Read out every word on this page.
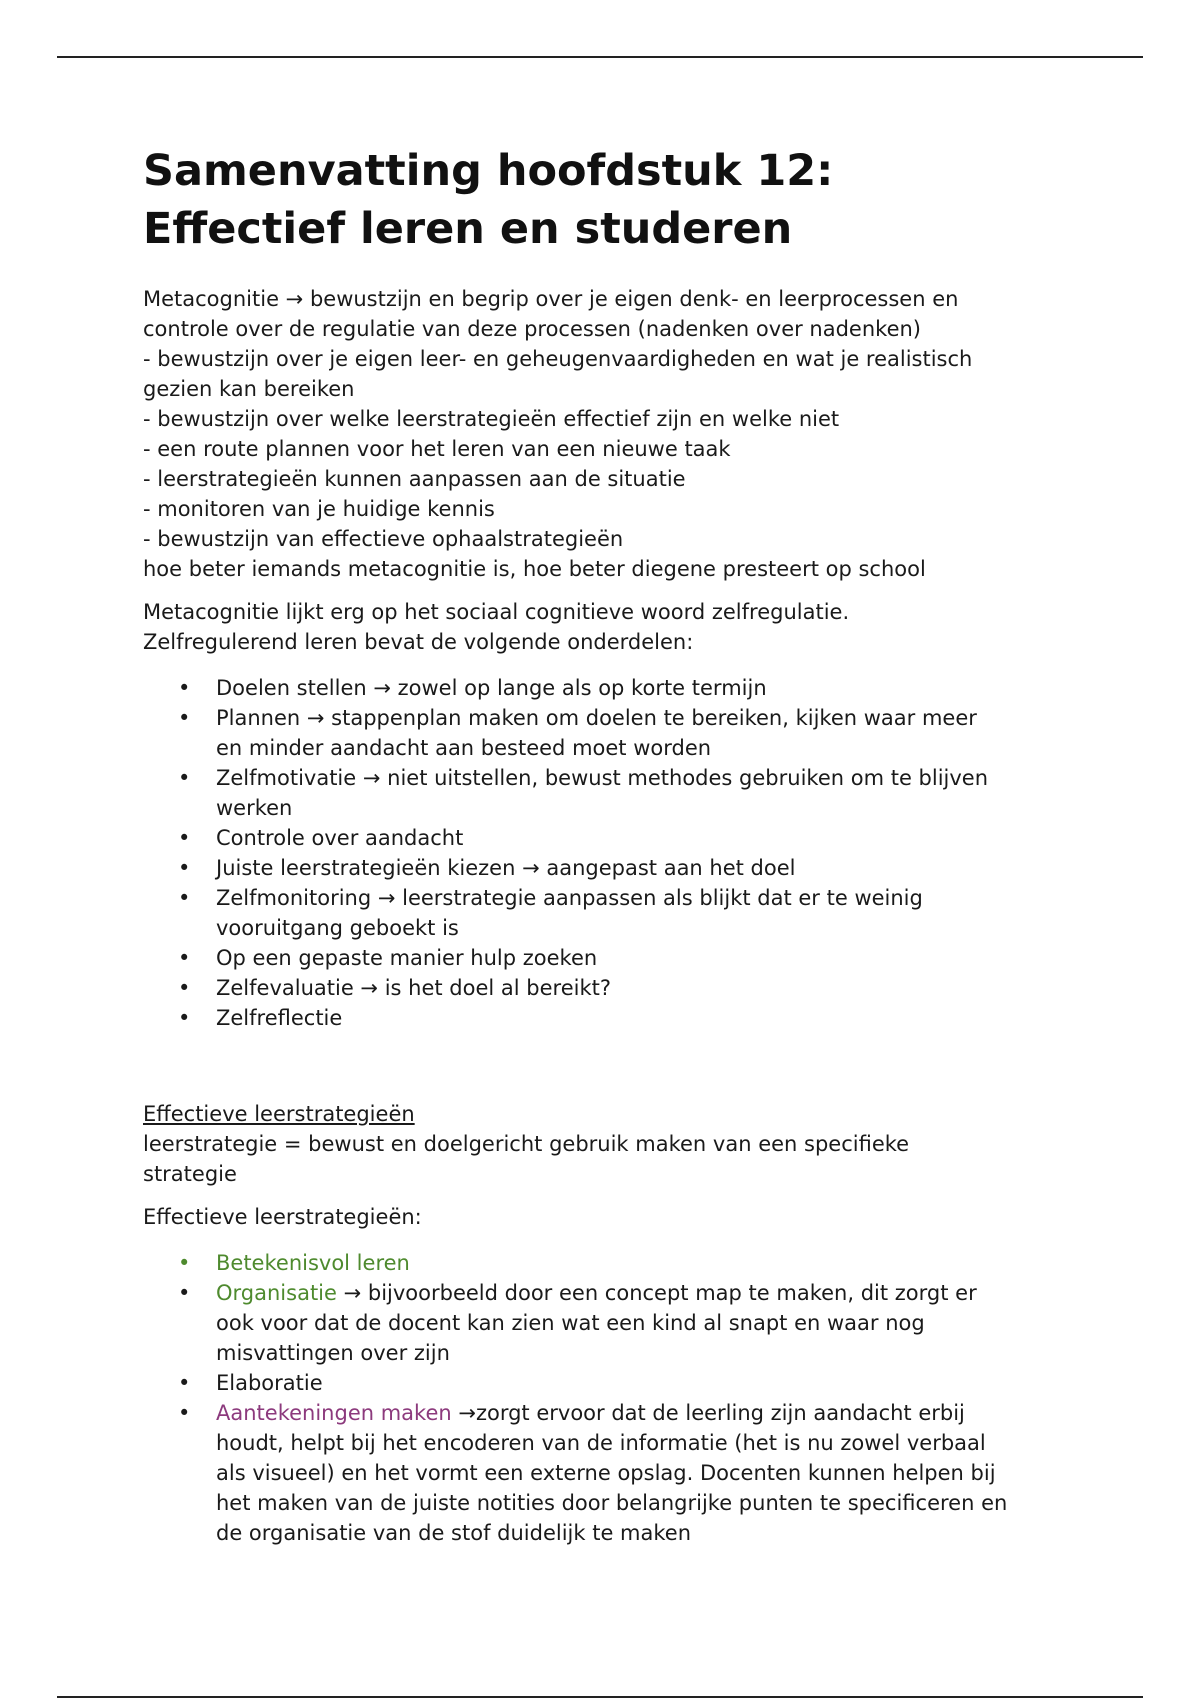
Samenvatting hoofdstuk 12:
Effectief leren en studeren

Metacognitie → bewustzijn en begrip over je eigen denk- en leerprocessen en

controle over de regulatie van deze processen (nadenken over nadenken)

- bewustzijn over je eigen leer- en geheugenvaardigheden en wat je realistisch

gezien kan bereiken

- bewustzijn over welke leerstrategieën effectief zijn en welke niet

- een route plannen voor het leren van een nieuwe taak

- leerstrategieën kunnen aanpassen aan de situatie

- monitoren van je huidige kennis

- bewustzijn van effectieve ophaalstrategieën

hoe beter iemands metacognitie is, hoe beter diegene presteert op school

Metacognitie lijkt erg op het sociaal cognitieve woord zelfregulatie.

Zelfregulerend leren bevat de volgende onderdelen:

• Doelen stellen → zowel op lange als op korte termijn
• Plannen → stappenplan maken om doelen te bereiken, kijken waar meer
en minder aandacht aan besteed moet worden
• Zelfmotivatie → niet uitstellen, bewust methodes gebruiken om te blijven
werken
• Controle over aandacht
• Juiste leerstrategieën kiezen → aangepast aan het doel
• Zelfmonitoring → leerstrategie aanpassen als blijkt dat er te weinig
vooruitgang geboekt is
• Op een gepaste manier hulp zoeken
• Zelfevaluatie → is het doel al bereikt?
• Zelfreflectie

Effectieve leerstrategieën

leerstrategie = bewust en doelgericht gebruik maken van een specifieke

strategie

Effectieve leerstrategieën:

• Betekenisvol leren
• Organisatie → bijvoorbeeld door een concept map te maken, dit zorgt er
ook voor dat de docent kan zien wat een kind al snapt en waar nog
misvattingen over zijn
• Elaboratie
• Aantekeningen maken →zorgt ervoor dat de leerling zijn aandacht erbij
houdt, helpt bij het encoderen van de informatie (het is nu zowel verbaal
als visueel) en het vormt een externe opslag. Docenten kunnen helpen bij
het maken van de juiste notities door belangrijke punten te specificeren en
de organisatie van de stof duidelijk te maken
